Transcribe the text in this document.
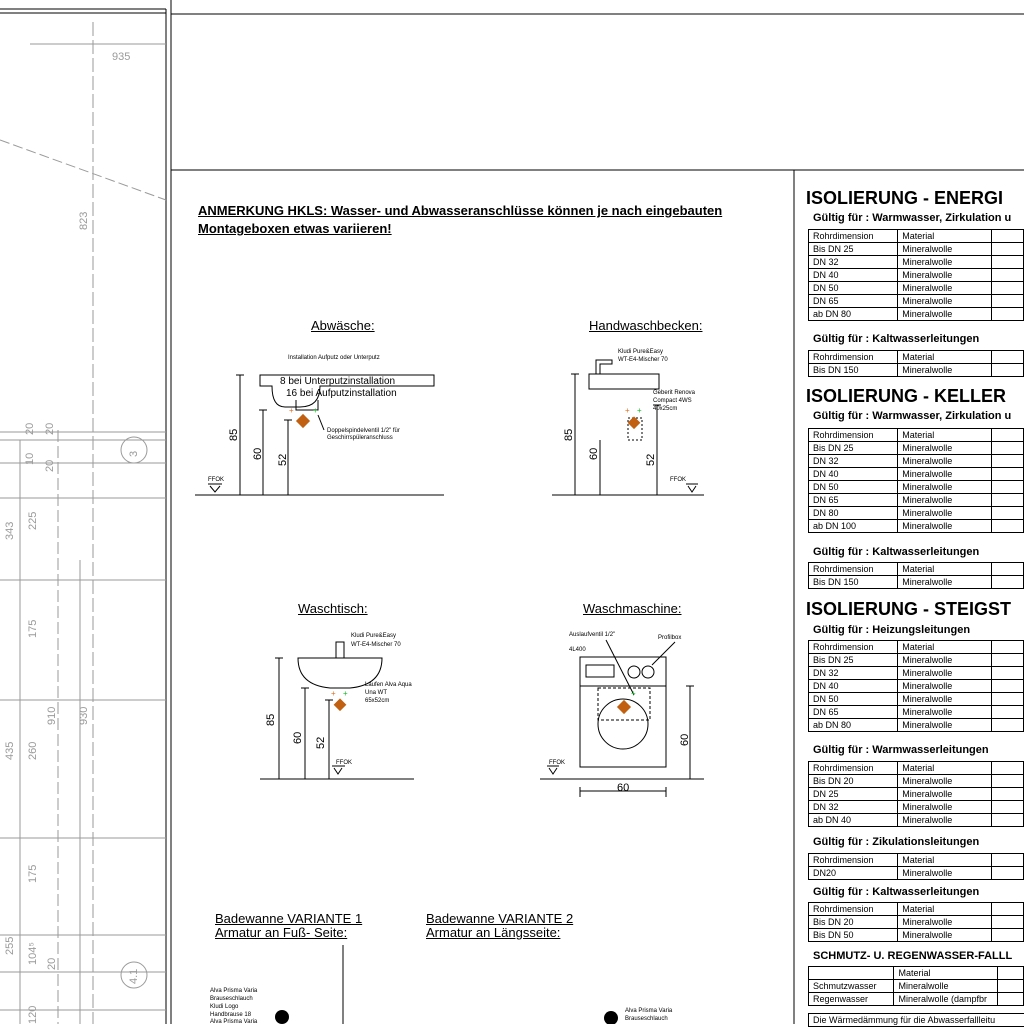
+ +	+ +
+ +	+
935
823
20 20
10
20
343
225
175
910 930
435 260
175
255 104⁵ 20
120
3
4.1
ANMERKUNG HKLS: Wasser- und Abwasseranschlüsse können je nach eingebauten Montageboxen etwas variieren!
Abwäsche:
Installation Aufputz oder Unterputz
8 bei Unterputzinstallation
16 bei Aufputzinstallation
Doppelspindelventil 1/2" für
Geschirrspüleranschluss
FFOK
85
60 52
Handwaschbecken:
Kludi Pure&Easy
WT-E4-Mischer 70
Geberit Renova
Compact 4WS
40x25cm
FFOK
85
60	52
Waschtisch:
Kludi Pure&Easy
WT-E4-Mischer 70
Laufen Alva Aqua
Una WT
65x52cm
FFOK
85
60 52
Waschmaschine:
Auslaufventil 1/2"	Profilbox
4L400
FFOK
60
60
Badewanne VARIANTE 1
Armatur an Fuß- Seite:
Badewanne VARIANTE 2
Armatur an Längsseite:
Alva Prisma Varia
Brauseschlauch
Kludi Logo
Handbrause 18
Alva Prisma Varia
Alva Prisma Varia
Brauseschlauch
ISOLIERUNG - ENERGI
Gültig für : Warmwasser, Zirkulation u
Rohrdimension	Material	
Bis DN 25	Mineralwolle	
DN 32	Mineralwolle	
DN 40	Mineralwolle	
DN 50	Mineralwolle	
DN 65	Mineralwolle	
ab DN 80	Mineralwolle	
Gültig für : Kaltwasserleitungen
Rohrdimension	Material	
Bis DN 150	Mineralwolle	
ISOLIERUNG - KELLER
Gültig für : Warmwasser, Zirkulation u
Rohrdimension	Material	
Bis DN 25	Mineralwolle	
DN 32	Mineralwolle	
DN 40	Mineralwolle	
DN 50	Mineralwolle	
DN 65	Mineralwolle	
DN 80	Mineralwolle	
ab DN 100	Mineralwolle	
Gültig für : Kaltwasserleitungen
Rohrdimension	Material	
Bis DN 150	Mineralwolle	
ISOLIERUNG - STEIGST
Gültig für : Heizungsleitungen
Rohrdimension	Material	
Bis DN 25	Mineralwolle	
DN 32	Mineralwolle	
DN 40	Mineralwolle	
DN 50	Mineralwolle	
DN 65	Mineralwolle	
ab DN 80	Mineralwolle	
Gültig für : Warmwasserleitungen
Rohrdimension	Material	
Bis DN 20	Mineralwolle	
DN 25	Mineralwolle	
DN 32	Mineralwolle	
ab DN 40	Mineralwolle	
Gültig für : Zikulationsleitungen
Rohrdimension	Material	
DN20	Mineralwolle	
Gültig für : Kaltwasserleitungen
Rohrdimension	Material	
Bis DN 20	Mineralwolle	
Bis DN 50	Mineralwolle	
SCHMUTZ- U. REGENWASSER-FALLL
	Material	
Schmutzwasser	Mineralwolle	
Regenwasser	Mineralwolle (dampfbr	
Die Wärmedämmung für die Abwasserfallleitu
